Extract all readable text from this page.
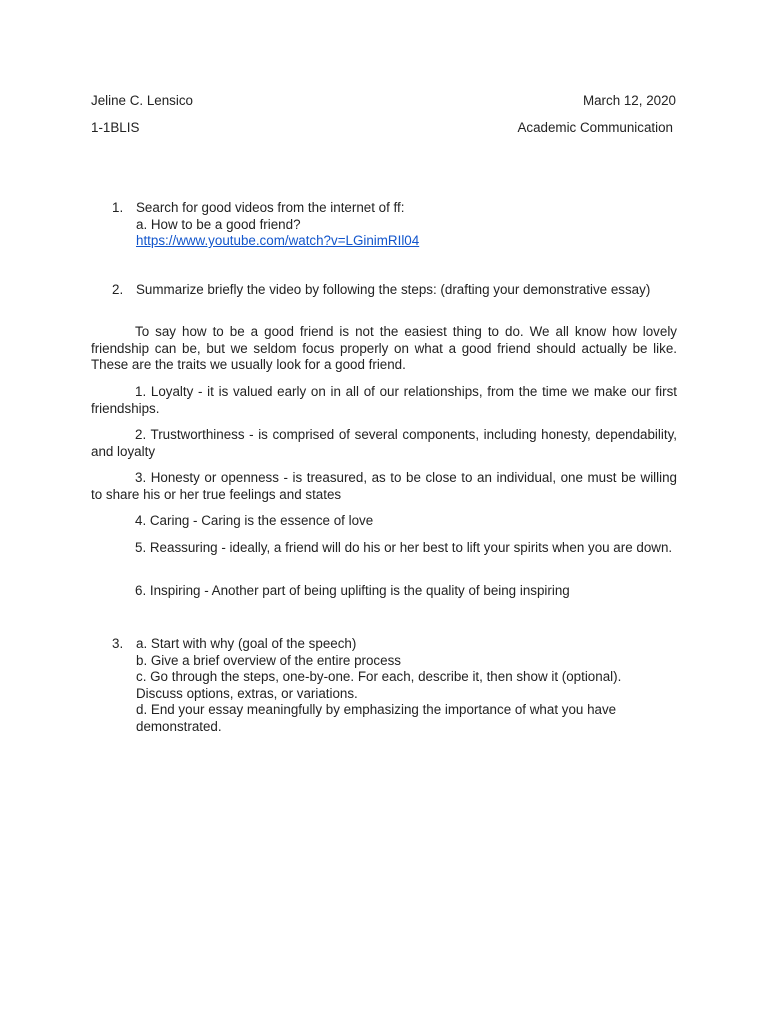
Jeline C. Lensico	March 12, 2020
1-1BLIS	Academic Communication
1. Search for good videos from the internet of ff:
a. How to be a good friend?
https://www.youtube.com/watch?v=LGinimRIl04
2. Summarize briefly the video by following the steps: (drafting your demonstrative essay)

To say how to be a good friend is not the easiest thing to do. We all know how lovely friendship can be, but we seldom focus properly on what a good friend should actually be like. These are the traits we usually look for a good friend.

1. Loyalty - it is valued early on in all of our relationships, from the time we make our first friendships.

2. Trustworthiness - is comprised of several components, including honesty, dependability, and loyalty

3. Honesty or openness - is treasured, as to be close to an individual, one must be willing to share his or her true feelings and states

4. Caring - Caring is the essence of love

5. Reassuring - ideally, a friend will do his or her best to lift your spirits when you are down.

6. Inspiring - Another part of being uplifting is the quality of being inspiring

3. a. Start with why (goal of the speech)
b. Give a brief overview of the entire process
c. Go through the steps, one-by-one. For each, describe it, then show it (optional).
Discuss options, extras, or variations.
d. End your essay meaningfully by emphasizing the importance of what you have
demonstrated.
